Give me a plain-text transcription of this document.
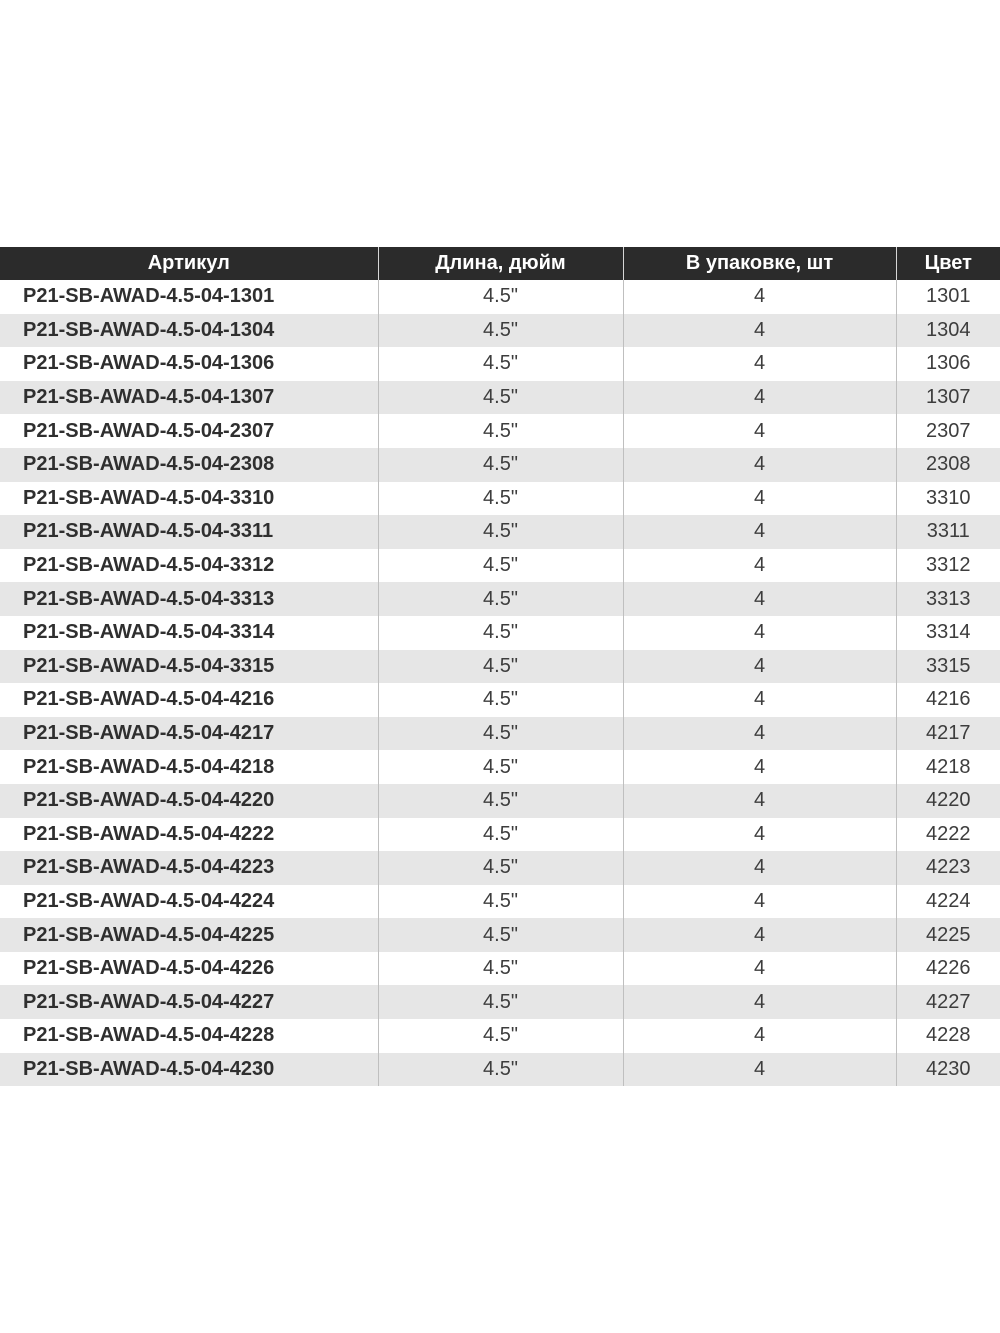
Артикул	Длина, дюйм	В упаковке, шт	Цвет
P21-SB-AWAD-4.5-04-1301	4.5"	4	1301
P21-SB-AWAD-4.5-04-1304	4.5"	4	1304
P21-SB-AWAD-4.5-04-1306	4.5"	4	1306
P21-SB-AWAD-4.5-04-1307	4.5"	4	1307
P21-SB-AWAD-4.5-04-2307	4.5"	4	2307
P21-SB-AWAD-4.5-04-2308	4.5"	4	2308
P21-SB-AWAD-4.5-04-3310	4.5"	4	3310
P21-SB-AWAD-4.5-04-3311	4.5"	4	3311
P21-SB-AWAD-4.5-04-3312	4.5"	4	3312
P21-SB-AWAD-4.5-04-3313	4.5"	4	3313
P21-SB-AWAD-4.5-04-3314	4.5"	4	3314
P21-SB-AWAD-4.5-04-3315	4.5"	4	3315
P21-SB-AWAD-4.5-04-4216	4.5"	4	4216
P21-SB-AWAD-4.5-04-4217	4.5"	4	4217
P21-SB-AWAD-4.5-04-4218	4.5"	4	4218
P21-SB-AWAD-4.5-04-4220	4.5"	4	4220
P21-SB-AWAD-4.5-04-4222	4.5"	4	4222
P21-SB-AWAD-4.5-04-4223	4.5"	4	4223
P21-SB-AWAD-4.5-04-4224	4.5"	4	4224
P21-SB-AWAD-4.5-04-4225	4.5"	4	4225
P21-SB-AWAD-4.5-04-4226	4.5"	4	4226
P21-SB-AWAD-4.5-04-4227	4.5"	4	4227
P21-SB-AWAD-4.5-04-4228	4.5"	4	4228
P21-SB-AWAD-4.5-04-4230	4.5"	4	4230
